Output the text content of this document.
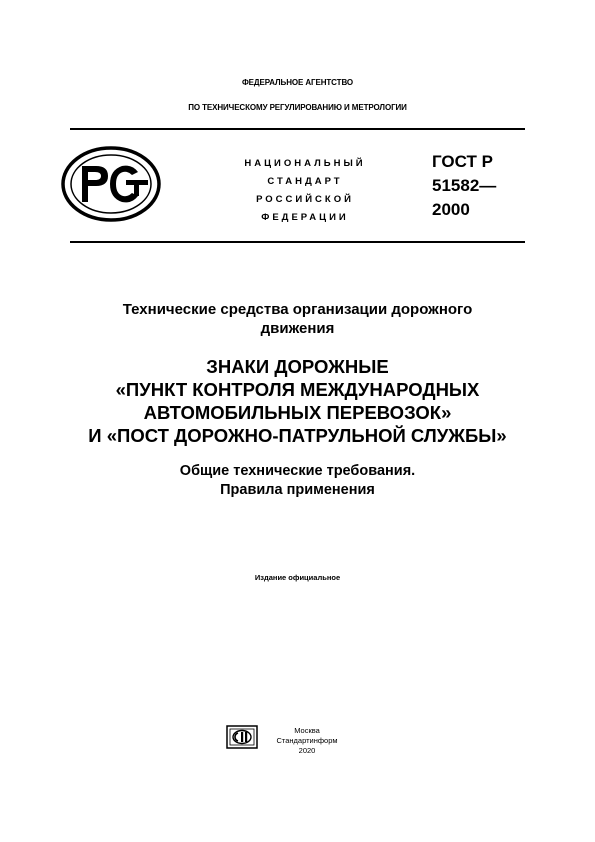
ФЕДЕРАЛЬНОЕ АГЕНТСТВО
ПО ТЕХНИЧЕСКОМУ РЕГУЛИРОВАНИЮ И МЕТРОЛОГИИ
НАЦИОНАЛЬНЫЙ
СТАНДАРТ
РОССИЙСКОЙ
ФЕДЕРАЦИИ
ГОСТ Р
51582—
2000
Технические средства организации дорожного
движения
ЗНАКИ ДОРОЖНЫЕ
«ПУНКТ КОНТРОЛЯ МЕЖДУНАРОДНЫХ
АВТОМОБИЛЬНЫХ ПЕРЕВОЗОК»
И «ПОСТ ДОРОЖНО-ПАТРУЛЬНОЙ СЛУЖБЫ»
Общие технические требования.
Правила применения
Издание официальное
Москва
Стандартинформ
2020
